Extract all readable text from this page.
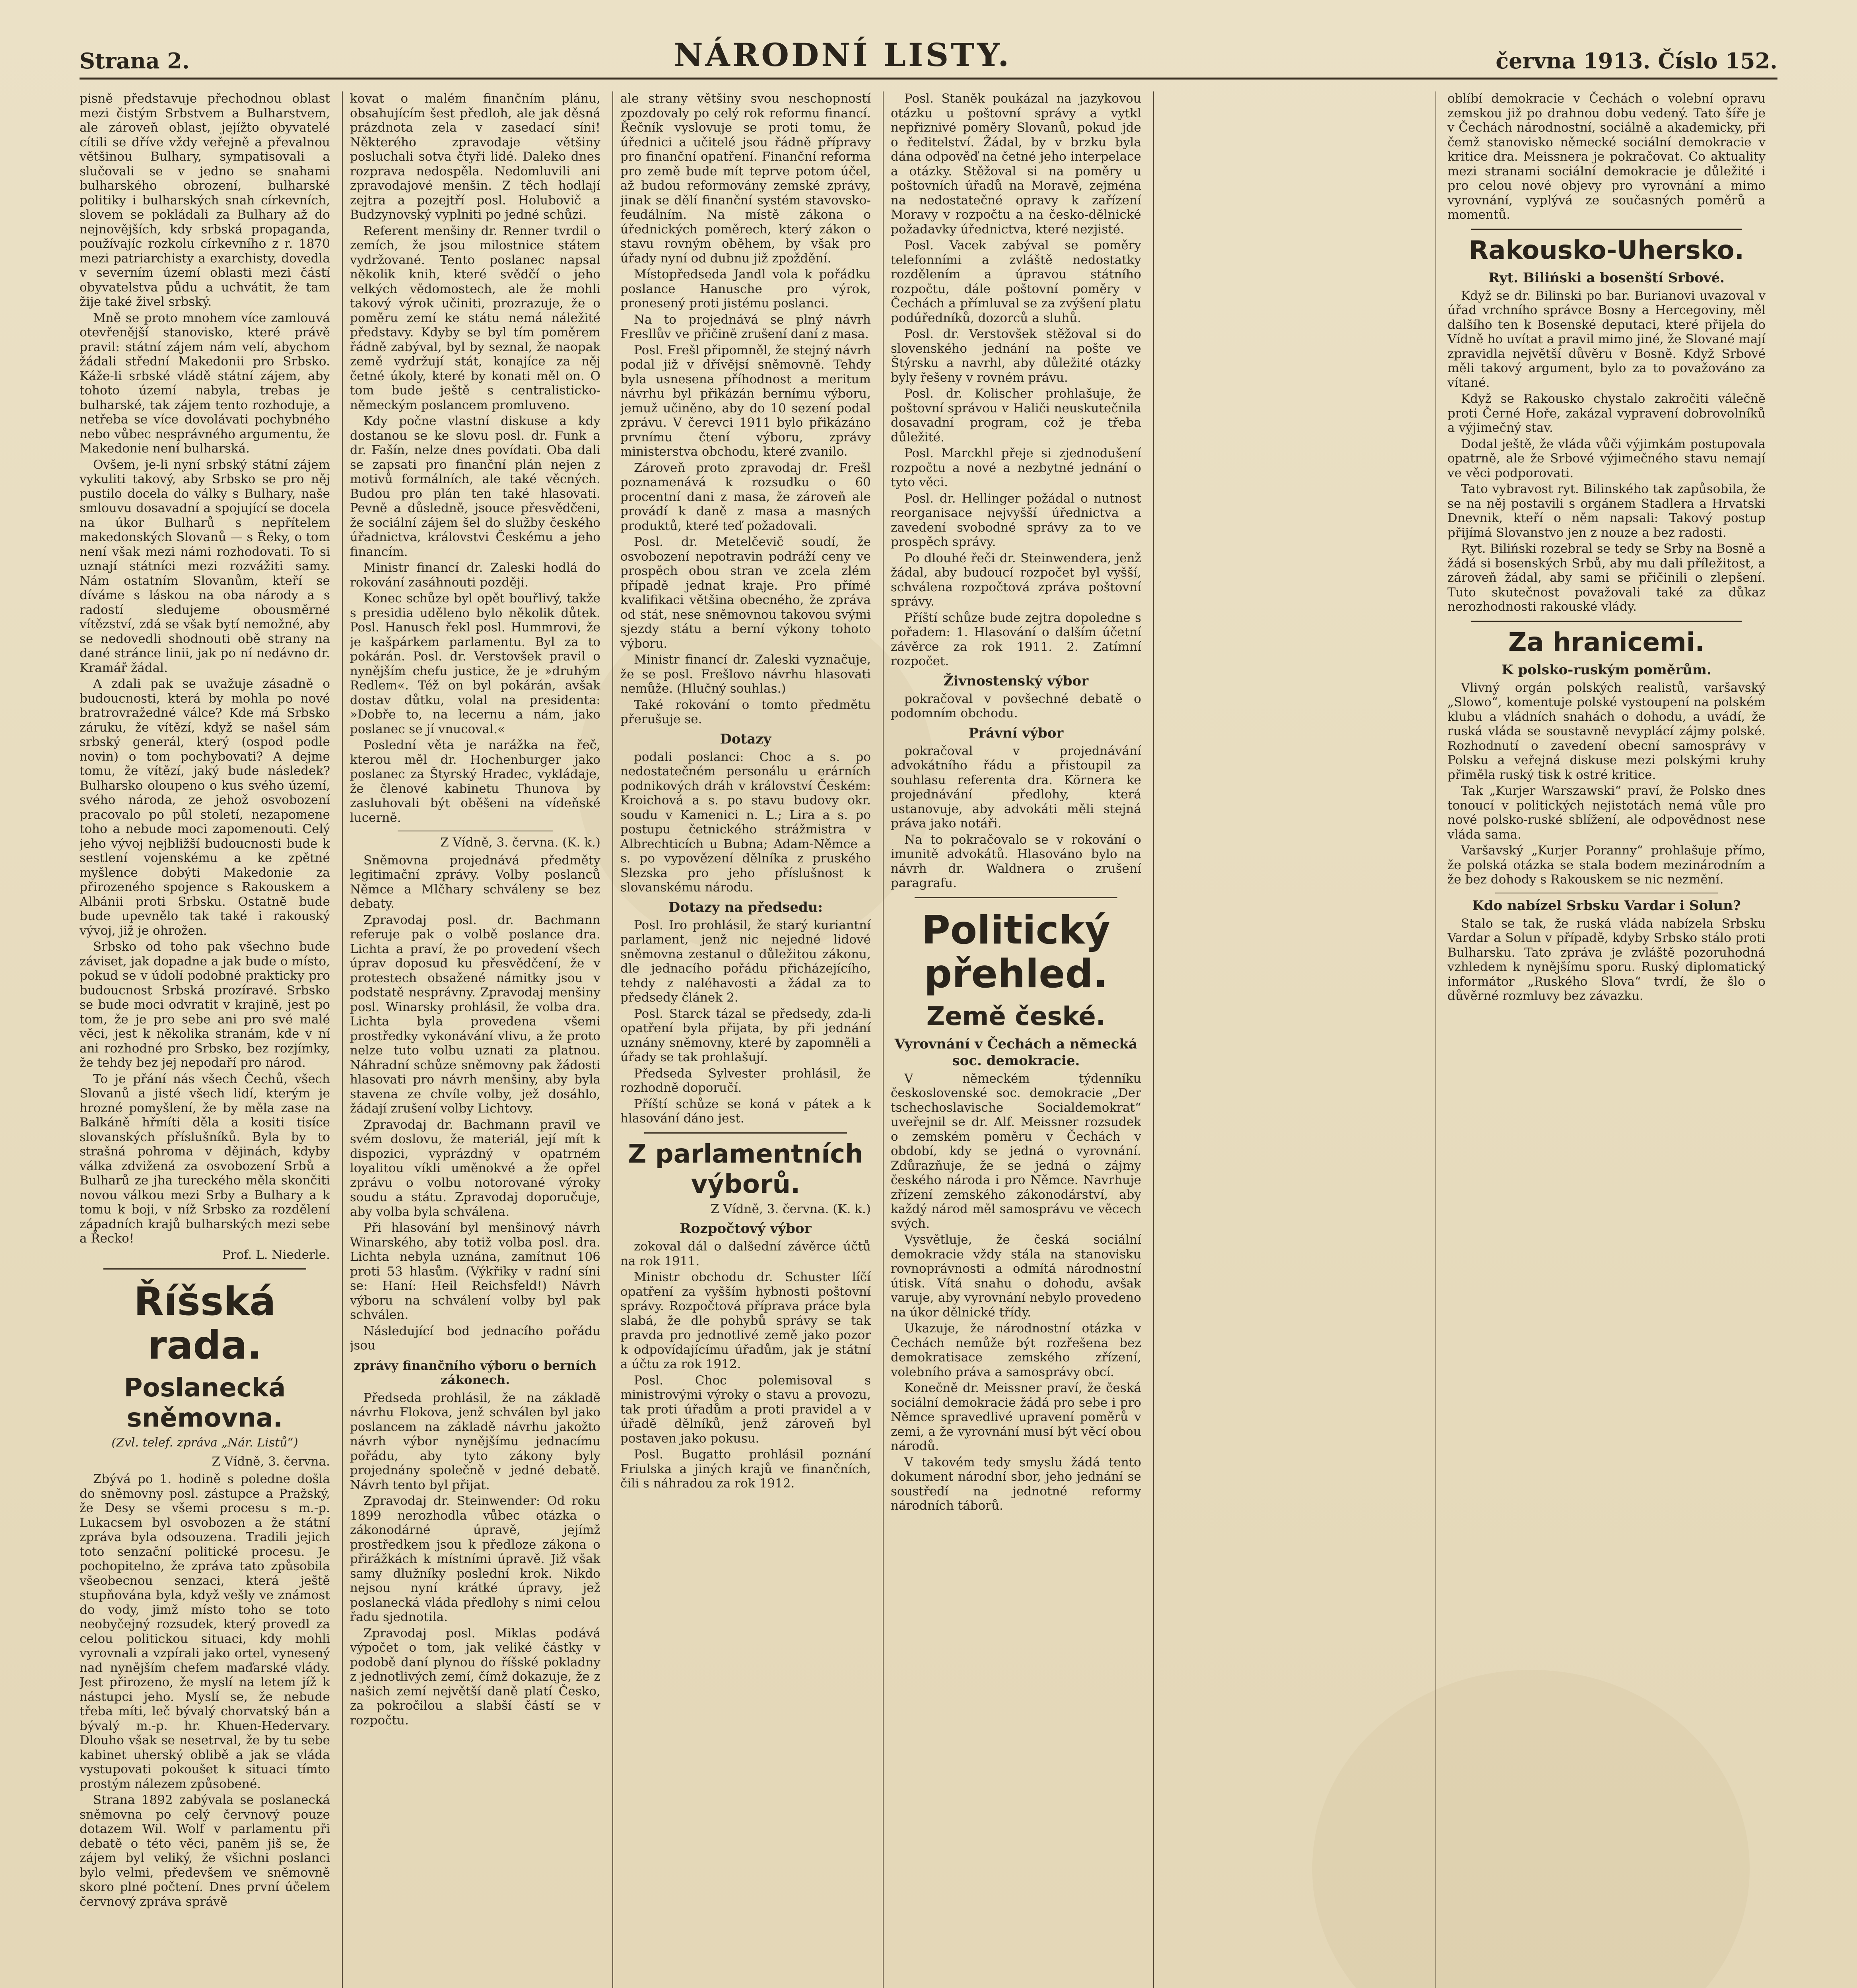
Strana 2.	NÁRODNÍ LISTY.	června 1913. Číslo 152.

pisně představuje přechodnou oblast mezi čistým Srbstvem a Bulharstvem, ale zároveň oblast, jejížto obyvatelé cítili se dříve vždy veřejně a převalnou většinou Bulhary, sympatisovali a slučovali se v jedno se snahami bulharského obrození, bulharské politiky i bulharských snah církevních, slovem se pokládali za Bulhary až do nejnovějších, kdy srbská propaganda, používajíc rozkolu církevního z r. 1870 mezi patriarchisty a exarchisty, dovedla v severním území oblasti mezi částí obyvatelstva půdu a uchvátit, že tam žije také živel srbský.

Mně se proto mnohem více zamlouvá otevřenější stanovisko, které právě pravil: státní zájem nám velí, abychom žádali střední Makedonii pro Srbsko. Káže-li srbské vládě státní zájem, aby tohoto území nabyla, trebas je bulharské, tak zájem tento rozhoduje, a netřeba se více dovolávati pochybného nebo vůbec nesprávného argumentu, že Makedonie není bulharská.

Ovšem, je-li nyní srbský státní zájem vykuliti takový, aby Srbsko se pro něj pustilo docela do války s Bulhary, naše smlouvu dosavadní a spojující se docela na úkor Bulharů s nepřítelem makedonských Slovanů — s Řeky, o tom není však mezi námi rozhodovati. To si uznají státníci mezi rozvážiti samy. Nám ostatním Slovanům, kteří se díváme s láskou na oba národy a s radostí sledujeme obousměrné vítězství, zdá se však bytí nemožné, aby se nedovedli shodnouti obě strany na dané stránce linii, jak po ní nedávno dr. Kramář žádal.

A zdali pak se uvažuje zásadně o budoucnosti, která by mohla po nové bratrovražedné válce? Kde má Srbsko záruku, že vítězí, když se našel sám srbský generál, který (ospod podle novin) o tom pochybovati? A dejme tomu, že vítězí, jaký bude následek? Bulharsko oloupeno o kus svého území, svého národa, ze jehož osvobození pracovalo po půl století, nezapomene toho a nebude moci zapomenouti. Celý jeho vývoj nejbližší budoucnosti bude k sestlení vojenskému a ke zpětné myšlence dobýti Makedonie za přirozeného spojence s Rakouskem a Albánii proti Srbsku. Ostatně bude bude upevnělo tak také i rakouský vývoj, již je ohrožen.

Srbsko od toho pak všechno bude záviset, jak dopadne a jak bude o místo, pokud se v údolí podobné prakticky pro budoucnost Srbská prozíravé. Srbsko se bude moci odvratit v krajině, jest po tom, že je pro sebe ani pro své malé věci, jest k několika stranám, kde v ní ani rozhodné pro Srbsko, bez rozjímky, že tehdy bez jej nepodaří pro národ.

To je přání nás všech Čechů, všech Slovanů a jisté všech lidí, kterým je hrozné pomyšlení, že by měla zase na Balkáně hřmíti děla a kositi tisíce slovanských příslušníků. Byla by to strašná pohroma v dějinách, kdyby válka zdvižená za osvobození Srbů a Bulharů ze jha tureckého měla skončiti novou válkou mezi Srby a Bulhary a k tomu k boji, v níž Srbsko za rozdělení západních krajů bulharských mezi sebe a Řecko!

Prof. L. Niederle.
Říšská rada.
Poslanecká sněmovna.
(Zvl. telef. zpráva „Nár. Listů“)
Z Vídně, 3. června.

Zbývá po 1. hodině s poledne došla do sněmovny posl. zástupce a Pražský, že Desy se všemi procesu s m.-p. Lukacsem byl osvobozen a že státní zpráva byla odsouzena. Tradili jejich toto senzační politické procesu. Je pochopitelno, že zpráva tato způsobila všeobecnou senzaci, která ještě stupňována byla, když vešly ve známost do vody, jimž místo toho se toto neobyčejný rozsudek, který provedl za celou politickou situaci, kdy mohli vyrovnali a vzpírali jako ortel, vynesený nad nynějším chefem maďarské vlády. Jest přirozeno, že myslí na letem jíž k nástupci jeho. Myslí se, že nebude třeba míti, leč bývalý chorvatský bán a bývalý m.-p. hr. Khuen-Hedervary. Dlouho však se nesetrval, že by tu sebe kabinet uherský oblibě a jak se vláda vystupovati pokoušet k situaci tímto prostým nálezem způsobené.

Strana 1892 zabývala se poslanecká sněmovna po celý červnový pouze dotazem Wil. Wolf v parlamentu při debatě o této věci, paněm jiš se, že zájem byl veliký, že všichni poslanci bylo velmi, předevšem ve sněmovně skoro plné počtení. Dnes první účelem červnový zpráva správě

kovat o malém finančním plánu, obsahujícím šest předloh, ale jak děsná prázdnota zela v zasedací síni! Některého zpravodaje většiny posluchali sotva čtyři lidé. Daleko dnes rozprava nedospěla. Nedomluvili ani zpravodajové menšin. Z těch hodlají zejtra a pozejtří posl. Holubovič a Budzynovský vyplniti po jedné schůzi.

Referent menšiny dr. Renner tvrdil o zemích, že jsou milostnice státem vydržované. Tento poslanec napsal několik knih, které svědčí o jeho velkých vědomostech, ale že mohli takový výrok učiniti, prozrazuje, že o poměru zemí ke státu nemá náležité představy. Kdyby se byl tím poměrem řádně zabýval, byl by seznal, že naopak země vydržují stát, konajíce za něj četné úkoly, které by konati měl on. O tom bude ještě s centralisticko-německým poslancem promluveno.

Kdy počne vlastní diskuse a kdy dostanou se ke slovu posl. dr. Funk a dr. Fašín, nelze dnes povídati. Oba dali se zapsati pro finanční plán nejen z motivů formálních, ale také věcných. Budou pro plán ten také hlasovati. Pevně a důsledně, jsouce přesvědčeni, že sociální zájem šel do služby českého úřadnictva, královstvi Českému a jeho financím.

Ministr financí dr. Zaleski hodlá do rokování zasáhnouti později.

Konec schůze byl opět bouřlivý, takže s presidia uděleno bylo několik důtek. Posl. Hanusch řekl posl. Hummrovi, že je kašpárkem parlamentu. Byl za to pokárán. Posl. dr. Verstovšek pravil o nynějším chefu justice, že je »druhým Redlem«. Též on byl pokárán, avšak dostav důtku, volal na presidenta: »Dobře to, na lecernu a nám, jako poslanec se jí vnucoval.«

Poslední věta je narážka na řeč, kterou měl dr. Hochenburger jako poslanec za Štyrský Hradec, vykládaje, že členové kabinetu Thunova by zasluhovali být oběšeni na vídeňské lucerně.

Z Vídně, 3. června. (K. k.)

Sněmovna projednává předměty legitimační zprávy. Volby poslanců Němce a Mlčhary schváleny se bez debaty.

Zpravodaj posl. dr. Bachmann referuje pak o volbě poslance dra. Lichta a praví, že po provedení všech úprav doposud ku přesvědčení, že v protestech obsažené námitky jsou v podstatě nesprávny. Zpravodaj menšiny posl. Winarsky prohlásil, že volba dra. Lichta byla provedena všemi prostředky vykonávání vlivu, a že proto nelze tuto volbu uznati za platnou. Náhradní schůze sněmovny pak žádosti hlasovati pro návrh menšiny, aby byla stavena ze chvíle volby, jež dosáhlo, žádají zrušení volby Lichtovy.

Zpravodaj dr. Bachmann pravil ve svém doslovu, že materiál, její mít k dispozici, vyprázdný v opatrném loyalitou víkli uměnokvé a že opřel zprávu o volbu notorované výroky soudu a státu. Zpravodaj doporučuje, aby volba byla schválena.

Při hlasování byl menšinový návrh Winarského, aby totiž volba posl. dra. Lichta nebyla uznána, zamítnut 106 proti 53 hlasům. (Výkřiky v radní síni se: Haní: Heil Reichsfeld!) Návrh výboru na schválení volby byl pak schválen.

Následující bod jednacího pořádu jsou

zprávy finančního výboru o berních zákonech.

Předseda prohlásil, že na základě návrhu Flokova, jenž schválen byl jako poslancem na základě návrhu jakožto návrh výbor nynějšímu jednacímu pořádu, aby tyto zákony byly projednány společně v jedné debatě. Návrh tento byl přijat.

Zpravodaj dr. Steinwender: Od roku 1899 nerozhodla vůbec otázka o zákonodárné úpravě, jejímž prostředkem jsou k předloze zákona o přirážkách k místními úpravě. Již však samy dlužníky poslední krok. Nikdo nejsou nyní krátké úpravy, jež poslanecká vláda předlohy s nimi celou řadu sjednotila.

Zpravodaj posl. Miklas podává výpočet o tom, jak veliké částky v podobě daní plynou do říšské pokladny z jednotlivých zemí, čímž dokazuje, že z našich zemí největší daně platí Česko, za pokročilou a slabší částí se v rozpočtu.

ale strany většiny svou neschopností zpozdovaly po celý rok reformu financí. Řečník vyslovuje se proti tomu, že úřednici a učitelé jsou řádně přípravy pro finanční opatření. Finanční reforma pro země bude mít teprve potom účel, až budou reformovány zemské zprávy, jinak se dělí finanční systém stavovsko-feudálním. Na místě zákona o úřednických poměrech, který zákon o stavu rovným oběhem, by však pro úřady nyní od dubnu již zpoždění.

Místopředseda Jandl vola k pořádku poslance Hanusche pro výrok, pronesený proti jistému poslanci.

Na to projednává se plný návrh Fresllův ve přičině zrušení daní z masa.

Posl. Frešl připomněl, že stejný návrh podal již v dřívějsí sněmovně. Tehdy byla usnesena příhodnost a meritum návrhu byl přikázán bernímu výboru, jemuž učiněno, aby do 10 sezení podal zprávu. V čerevci 1911 bylo přikázáno prvnímu čtení výboru, zprávy ministerstva obchodu, které zvanilo.

Zároveň proto zpravodaj dr. Frešl poznamenává k rozsudku o 60 procentní dani z masa, že zároveň ale provádí k daně z masa a masných produktů, které teď požadovali.

Posl. dr. Metelčevič soudí, že osvobození nepotravin podráží ceny ve prospěch obou stran ve zcela zlém případě jednat kraje. Pro přímé kvalifikaci většina obecného, že zpráva od stát, nese sněmovnou takovou svými sjezdy státu a berní výkony tohoto výboru.

Ministr financí dr. Zaleski vyznačuje, že se posl. Frešlovo návrhu hlasovati nemůže. (Hlučný souhlas.)

Také rokování o tomto předmětu přerušuje se.

Dotazy

podali poslanci: Choc a s. po nedostatečném personálu u erárních podnikových dráh v království Českém: Kroichová a s. po stavu budovy okr. soudu v Kamenici n. L.; Lira a s. po postupu četnického strážmistra v Albrechticích u Bubna; Adam-Němce a s. po vypovězení dělníka z pruského Slezska pro jeho příslušnost k slovanskému národu.

Dotazy na předsedu:

Posl. Iro prohlásil, že starý kuriantní parlament, jenž nic nejedné lidové sněmovna zestanul o důležitou zákonu, dle jednacího pořádu přicházejícího, tehdy z naléhavosti a žádal za to předsedy článek 2.

Posl. Starck tázal se předsedy, zda-li opatření byla přijata, by při jednání uznány sněmovny, které by zapomněli a úřady se tak prohlašují.

Předseda Sylvester prohlásil, že rozhodně doporučí.

Příští schůze se koná v pátek a k hlasování dáno jest.

Z parlamentních výborů.
Z Vídně, 3. června. (K. k.)
Rozpočtový výbor

zokoval dál o dalšední závěrce účtů na rok 1911.

Ministr obchodu dr. Schuster líčí opatření za vyšším hybnosti poštovní správy. Rozpočtová příprava práce byla slabá, že dle pohybů správy se tak pravda pro jednotlivé země jako pozor k odpovídajícímu úřadům, jak je státní a účtu za rok 1912.

Posl. Choc polemisoval s ministrovými výroky o stavu a provozu, tak proti úřadům a proti pravidel a v úřadě dělníků, jenž zároveň byl postaven jako pokusu.

Posl. Bugatto prohlásil poznání Friulska a jiných krajů ve finančních, čili s náhradou za rok 1912.

Posl. Staněk poukázal na jazykovou otázku u poštovní správy a vytkl nepřiznivé poměry Slovanů, pokud jde o ředitelství. Žádal, by v brzku byla dána odpověď na četné jeho interpelace a otázky. Stěžoval si na poměry u poštovních úřadů na Moravě, zejména na nedostatečné opravy k zařízení Moravy v rozpočtu a na česko-dělnické požadavky úřednictva, které nezjisté.

Posl. Vacek zabýval se poměry telefonními a zvláště nedostatky rozdělením a úpravou státního rozpočtu, dále poštovní poměry v Čechách a přímluval se za zvýšení platu podúředníků, dozorců a sluhů.

Posl. dr. Verstovšek stěžoval si do slovenského jednání na pošte ve Štýrsku a navrhl, aby důležité otázky byly řešeny v rovném právu.

Posl. dr. Kolischer prohlašuje, že poštovní správou v Haliči neuskutečnila dosavadní program, což je třeba důležité.

Posl. Marckhl přeje si zjednodušení rozpočtu a nové a nezbytné jednání o tyto věci.

Posl. dr. Hellinger požádal o nutnost reorganisace nejvyšší úřednictva a zavedení svobodné správy za to ve prospěch správy.

Po dlouhé řeči dr. Steinwendera, jenž žádal, aby budoucí rozpočet byl vyšší, schválena rozpočtová zpráva poštovní správy.

Příští schůze bude zejtra dopoledne s pořadem: 1. Hlasování o dalším účetní závěrce za rok 1911. 2. Zatímní rozpočet.

Živnostenský výbor

pokračoval v povšechné debatě o podomním obchodu.

Právní výbor

pokračoval v projednávání advokátního řádu a přistoupil za souhlasu referenta dra. Körnera ke projednávání předlohy, která ustanovuje, aby advokáti měli stejná práva jako notáři.

Na to pokračovalo se v rokování o imunitě advokátů. Hlasováno bylo na návrh dr. Waldnera o zrušení paragrafu.

Politický přehled.
Země české.
Vyrovnání v Čechách a německá soc. demokracie.

V německém týdenníku československé soc. demokracie „Der tschechoslavische Socialdemokrat“ uveřejnil se dr. Alf. Meissner rozsudek o zemském poměru v Čechách v období, kdy se jedná o vyrovnání. Zdůrazňuje, že se jedná o zájmy českého národa i pro Němce. Navrhuje zřízení zemského zákonodárství, aby každý národ měl samosprávu ve věcech svých.

Vysvětluje, že česká sociální demokracie vždy stála na stanovisku rovnoprávnosti a odmítá národnostní útisk. Vítá snahu o dohodu, avšak varuje, aby vyrovnání nebylo provedeno na úkor dělnické třídy.

Ukazuje, že národnostní otázka v Čechách nemůže být rozřešena bez demokratisace zemského zřízení, volebního práva a samosprávy obcí.

Konečně dr. Meissner praví, že česká sociální demokracie žádá pro sebe i pro Němce spravedlivé upravení poměrů v zemi, a že vyrovnání musí být věcí obou národů.

V takovém tedy smyslu žádá tento dokument národní sbor, jeho jednání se soustředí na jednotné reformy národních táborů.

oblíbí demokracie v Čechách o volební opravu zemskou již po drahnou dobu vedený. Tato šíře je v Čechách národnostní, sociálně a akademicky, při čemž stanovisko německé sociální demokracie v kritice dra. Meissnera je pokračovat. Co aktuality mezi stranami sociální demokracie je důležité i pro celou nové objevy pro vyrovnání a mimo vyrovnání, vyplývá ze současných poměrů a momentů.

Rakousko-Uhersko.
Ryt. Biliński a bosenští Srbové.

Když se dr. Bilinski po bar. Burianovi uvazoval v úřad vrchního správce Bosny a Hercegoviny, měl dalšího ten k Bosenské deputaci, které přijela do Vídně ho uvítat a pravil mimo jiné, že Slované mají zpravidla největší důvěru v Bosně. Když Srbové měli takový argument, bylo za to považováno za vítané.

Když se Rakousko chystalo zakročiti válečně proti Černé Hoře, zakázal vypravení dobrovolníků a výjimečný stav.

Dodal ještě, že vláda vůči výjimkám postupovala opatrně, ale že Srbové výjimečného stavu nemají ve věci podporovati.

Tato vybravost ryt. Bilinského tak zapůsobila, že se na něj postavili s orgánem Stadlera a Hrvatski Dnevnik, kteří o něm napsali: Takový postup přijímá Slovanstvo jen z nouze a bez radosti.

Ryt. Biliński rozebral se tedy se Srby na Bosně a žádá si bosenských Srbů, aby mu dali příležitost, a zároveň žádal, aby sami se přičinili o zlepšení. Tuto skutečnost považovali také za důkaz nerozhodnosti rakouské vlády.

Za hranicemi.
K polsko-ruským poměrům.

Vlivný orgán polských realistů, varšavský „Slowo“, komentuje polské vystoupení na polském klubu a vládních snahách o dohodu, a uvádí, že ruská vláda se soustavně nevyplácí zájmy polské. Rozhodnutí o zavedení obecní samosprávy v Polsku a veřejná diskuse mezi polskými kruhy přiměla ruský tisk k ostré kritice.

Tak „Kurjer Warszawski“ praví, že Polsko dnes tonoucí v politických nejistotách nemá vůle pro nové polsko-ruské sblížení, ale odpovědnost nese vláda sama.

Varšavský „Kurjer Poranny“ prohlašuje přímo, že polská otázka se stala bodem mezinárodním a že bez dohody s Rakouskem se nic nezmění.

Kdo nabízel Srbsku Vardar i Solun?

Stalo se tak, že ruská vláda nabízela Srbsku Vardar a Solun v případě, kdyby Srbsko stálo proti Bulharsku. Tato zpráva je zvláště pozoruhodná vzhledem k nynějšímu sporu. Ruský diplomatický informátor „Ruského Slova“ tvrdí, že šlo o důvěrné rozmluvy bez závazku.
